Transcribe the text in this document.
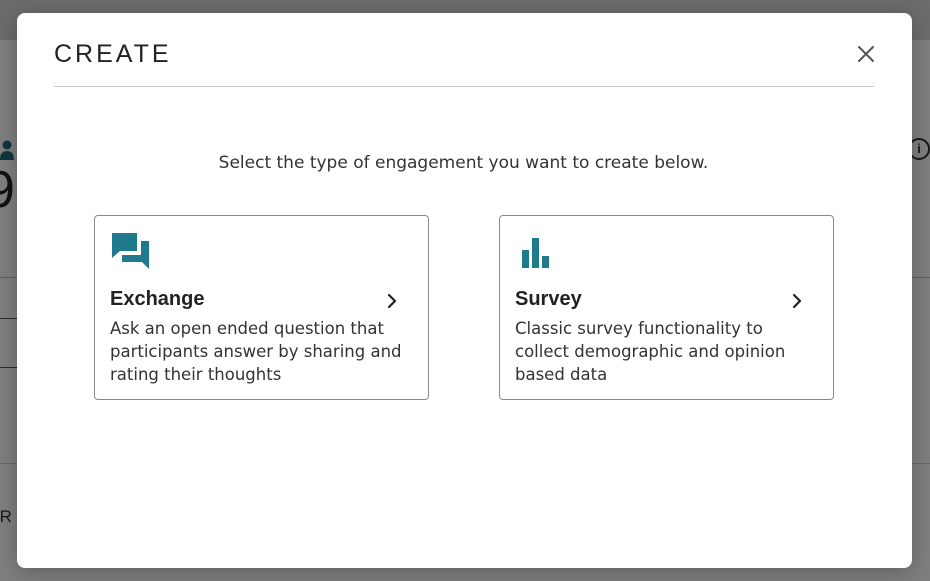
CREATE
Select the type of engagement you want to create below.
Exchange
Ask an open ended question that participants answer by sharing and rating their thoughts
Survey
Classic survey functionality to collect demographic and opinion based data
